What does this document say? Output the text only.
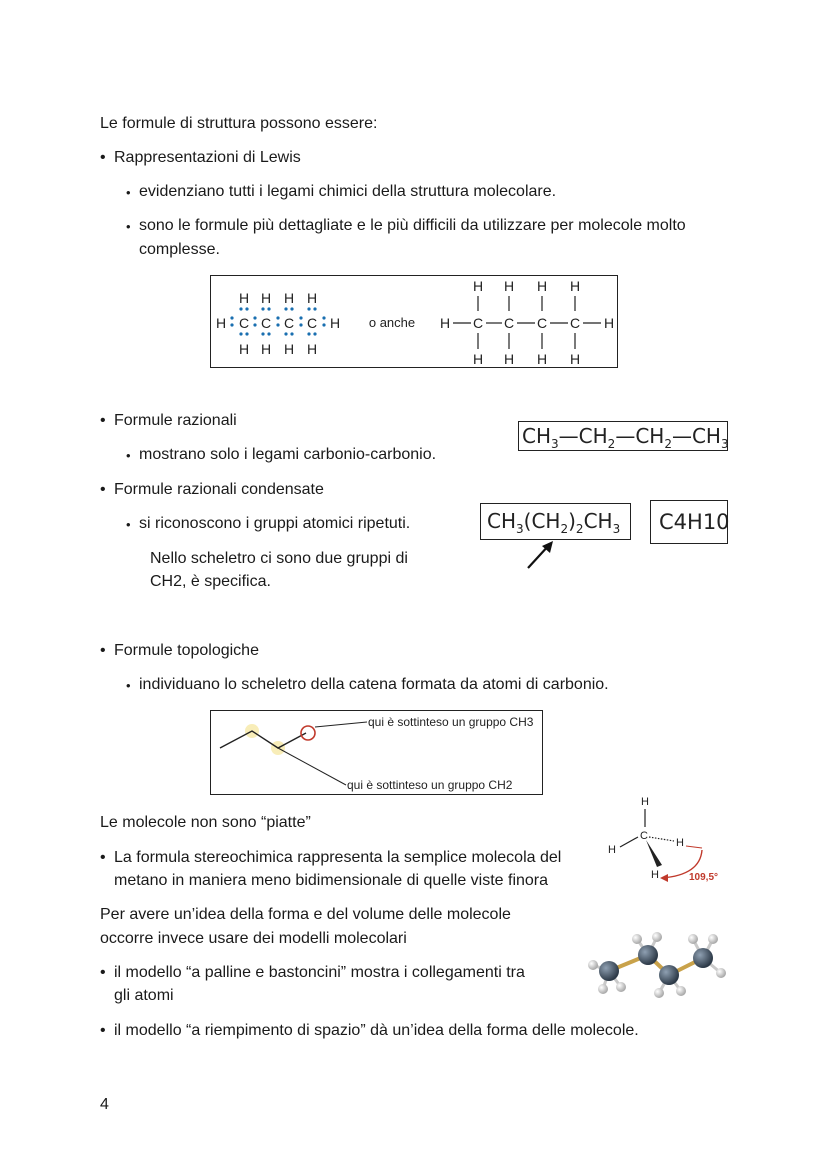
Le formule di struttura possono essere:
• Rappresentazioni di Lewis
• evidenziano tutti i legami chimici della struttura molecolare.
• sono le formule più dettagliate e le più difficili da utilizzare per molecole molto
complesse.
H H H H
H C C C C H
H H H H
o anche
H H H H
H C C C C H
H H H H
• Formule razionali
• mostrano solo i legami carbonio-carbonio.
$CH_3—CH_2—CH_2—CH_3$
• Formule razionali condensate
• si riconoscono i gruppi atomici ripetuti.
Nello scheletro ci sono due gruppi di
CH2, è specifica.
$CH_3(CH_2)_2CH_3$ C4H10
• Formule topologiche
• individuano lo scheletro della catena formata da atomi di carbonio.
qui è sottinteso un gruppo CH3
qui è sottinteso un gruppo CH2
Le molecole non sono “piatte”
• La formula stereochimica rappresenta la semplice molecola del
metano in maniera meno bidimensionale di quelle viste finora
H
C
H
H
H	109,5°
Per avere un’idea della forma e del volume delle molecole
occorre invece usare dei modelli molecolari
• il modello “a palline e bastoncini” mostra i collegamenti tra
gli atomi
• il modello “a riempimento di spazio” dà un’idea della forma delle molecole.
4
